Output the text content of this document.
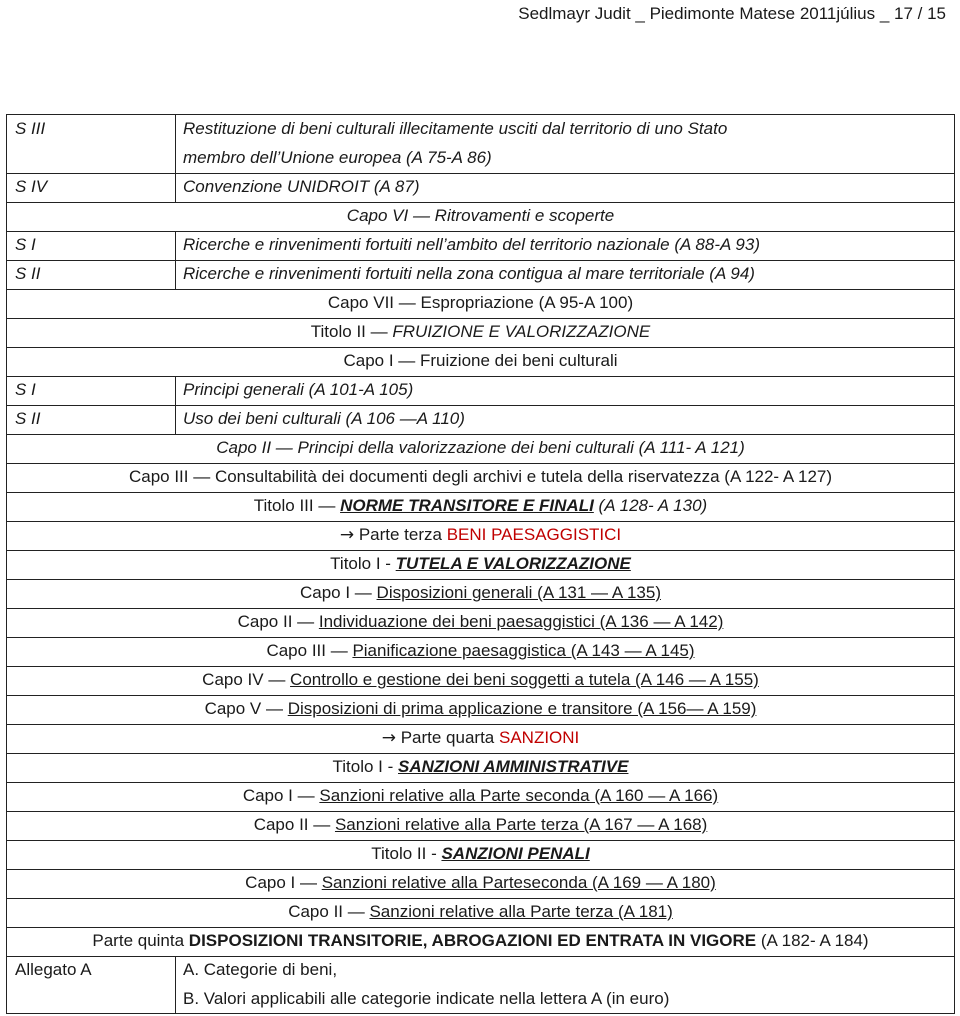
Sedlmayr Judit _ Piedimonte Matese 2011július _ 17 / 15
S III	Restituzione di beni culturali illecitamente usciti dal territorio di uno Stato
membro dell’Unione europea (A 75-A 86)
S IV	Convenzione UNIDROIT (A 87)
Capo VI — Ritrovamenti e scoperte
S I	Ricerche e rinvenimenti fortuiti nell’ambito del territorio nazionale (A 88-A 93)
S II	Ricerche e rinvenimenti fortuiti nella zona contigua al mare territoriale (A 94)
Capo VII — Espropriazione (A 95-A 100)
Titolo II — FRUIZIONE E VALORIZZAZIONE
Capo I — Fruizione dei beni culturali
S I	Principi generali (A 101-A 105)
S II	Uso dei beni culturali (A 106 —A 110)
Capo II — Principi della valorizzazione dei beni culturali (A 111- A 121)
Capo III — Consultabilità dei documenti degli archivi e tutela della riservatezza (A 122- A 127)
Titolo III — NORME TRANSITORE E FINALI (A 128- A 130)
→ Parte terza BENI PAESAGGISTICI
Titolo I - TUTELA E VALORIZZAZIONE
Capo I — Disposizioni generali (A 131 — A 135)
Capo II — Individuazione dei beni paesaggistici (A 136 — A 142)
Capo III — Pianificazione paesaggistica (A 143 — A 145)
Capo IV — Controllo e gestione dei beni soggetti a tutela (A 146 — A 155)
Capo V — Disposizioni di prima applicazione e transitore (A 156— A 159)
→ Parte quarta SANZIONI
Titolo I - SANZIONI AMMINISTRATIVE
Capo I — Sanzioni relative alla Parte seconda (A 160 — A 166)
Capo II — Sanzioni relative alla Parte terza (A 167 — A 168)
Titolo II - SANZIONI PENALI
Capo I — Sanzioni relative alla Parteseconda (A 169 — A 180)
Capo II — Sanzioni relative alla Parte terza (A 181)
Parte quinta DISPOSIZIONI TRANSITORIE, ABROGAZIONI ED ENTRATA IN VIGORE (A 182- A 184)
Allegato A	A. Categorie di beni,
B. Valori applicabili alle categorie indicate nella lettera A (in euro)
